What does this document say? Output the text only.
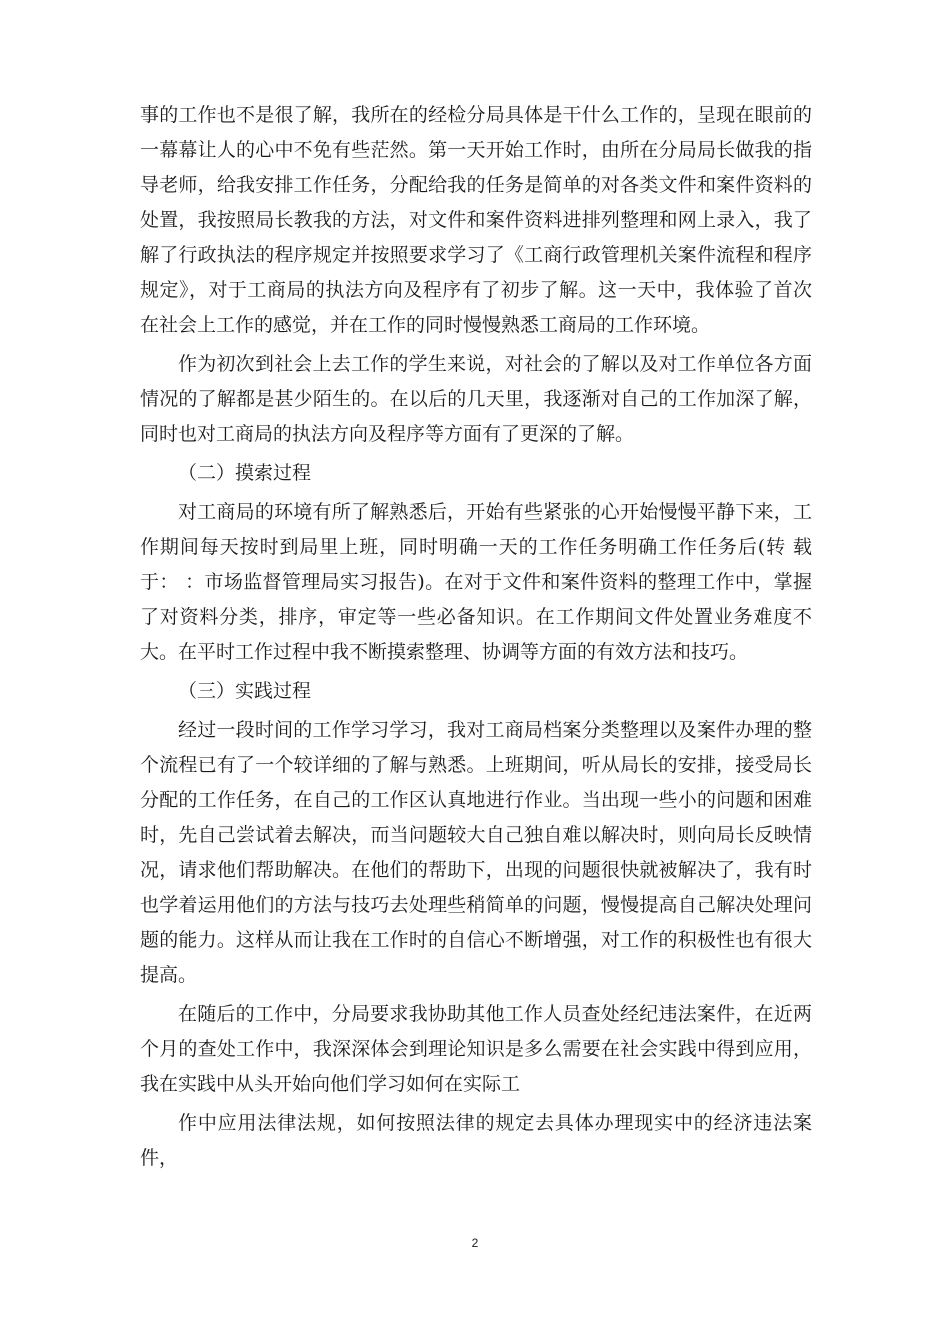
事的工作也不是很了解，我所在的经检分局具体是干什么工作的，呈现在眼前的一幕幕让人的心中不免有些茫然。第一天开始工作时，由所在分局局长做我的指导老师，给我安排工作任务，分配给我的任务是简单的对各类文件和案件资料的处置，我按照局长教我的方法，对文件和案件资料进排列整理和网上录入，我了解了行政执法的程序规定并按照要求学习了《工商行政管理机关案件流程和程序规定》，对于工商局的执法方向及程序有了初步了解。这一天中，我体验了首次在社会上工作的感觉，并在工作的同时慢慢熟悉工商局的工作环境。

作为初次到社会上去工作的学生来说，对社会的了解以及对工作单位各方面情况的了解都是甚少陌生的。在以后的几天里，我逐渐对自己的工作加深了解，同时也对工商局的执法方向及程序等方面有了更深的了解。

（二）摸索过程

对工商局的环境有所了解熟悉后，开始有些紧张的心开始慢慢平静下来，工作期间每天按时到局里上班，同时明确一天的工作任务明确工作任务后(转 载 于： ：市场监督管理局实习报告)。在对于文件和案件资料的整理工作中，掌握了对资料分类，排序，审定等一些必备知识。在工作期间文件处置业务难度不大。在平时工作过程中我不断摸索整理、协调等方面的有效方法和技巧。

（三）实践过程

经过一段时间的工作学习学习，我对工商局档案分类整理以及案件办理的整个流程已有了一个较详细的了解与熟悉。上班期间，听从局长的安排，接受局长分配的工作任务，在自己的工作区认真地进行作业。当出现一些小的问题和困难时，先自己尝试着去解决，而当问题较大自己独自难以解决时，则向局长反映情况，请求他们帮助解决。在他们的帮助下，出现的问题很快就被解决了，我有时也学着运用他们的方法与技巧去处理些稍简单的问题，慢慢提高自己解决处理问题的能力。这样从而让我在工作时的自信心不断增强，对工作的积极性也有很大提高。

在随后的工作中，分局要求我协助其他工作人员查处经纪违法案件，在近两个月的查处工作中，我深深体会到理论知识是多么需要在社会实践中得到应用，我在实践中从头开始向他们学习如何在实际工

作中应用法律法规，如何按照法律的规定去具体办理现实中的经济违法案件，

2
